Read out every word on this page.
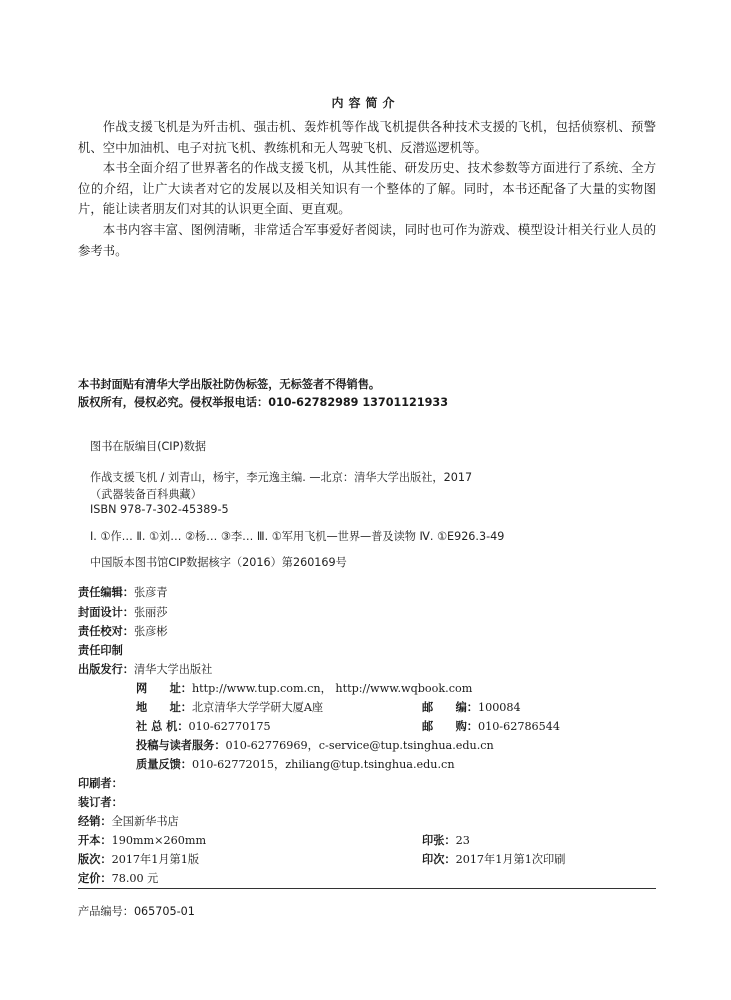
内容简介

作战支援飞机是为歼击机、强击机、轰炸机等作战飞机提供各种技术支援的飞机，包括侦察机、预警机、空中加油机、电子对抗飞机、教练机和无人驾驶飞机、反潜巡逻机等。

本书全面介绍了世界著名的作战支援飞机，从其性能、研发历史、技术参数等方面进行了系统、全方位的介绍，让广大读者对它的发展以及相关知识有一个整体的了解。同时，本书还配备了大量的实物图片，能让读者朋友们对其的认识更全面、更直观。

本书内容丰富、图例清晰，非常适合军事爱好者阅读，同时也可作为游戏、模型设计相关行业人员的参考书。

本书封面贴有清华大学出版社防伪标签，无标签者不得销售。
版权所有，侵权必究。侵权举报电话：010-62782989 13701121933
图书在版编目(CIP)数据
作战支援飞机 / 刘青山，杨宇，李元逸主编. —北京：清华大学出版社，2017
（武器装备百科典藏）
ISBN 978-7-302-45389-5
Ⅰ. ①作… Ⅱ. ①刘… ②杨… ③李… Ⅲ. ①军用飞机—世界—普及读物 Ⅳ. ①E926.3-49
中国版本图书馆CIP数据核字（2016）第260169号
责任编辑：张彦青
封面设计：张丽莎
责任校对：张彦彬
责任印制
出版发行：清华大学出版社
网　　址：http://www.tup.com.cn， http://www.wqbook.com
地　　址：北京清华大学学研大厦A座	邮　　编：100084
社 总 机：010-62770175	邮　　购：010-62786544
投稿与读者服务：010-62776969，c-service@tup.tsinghua.edu.cn
质量反馈：010-62772015，zhiliang@tup.tsinghua.edu.cn
印刷者：
装订者：
经销：全国新华书店
开本：190mm×260mm	印张：23
版次：2017年1月第1版	印次：2017年1月第1次印刷
定价：78.00 元
产品编号：065705-01
